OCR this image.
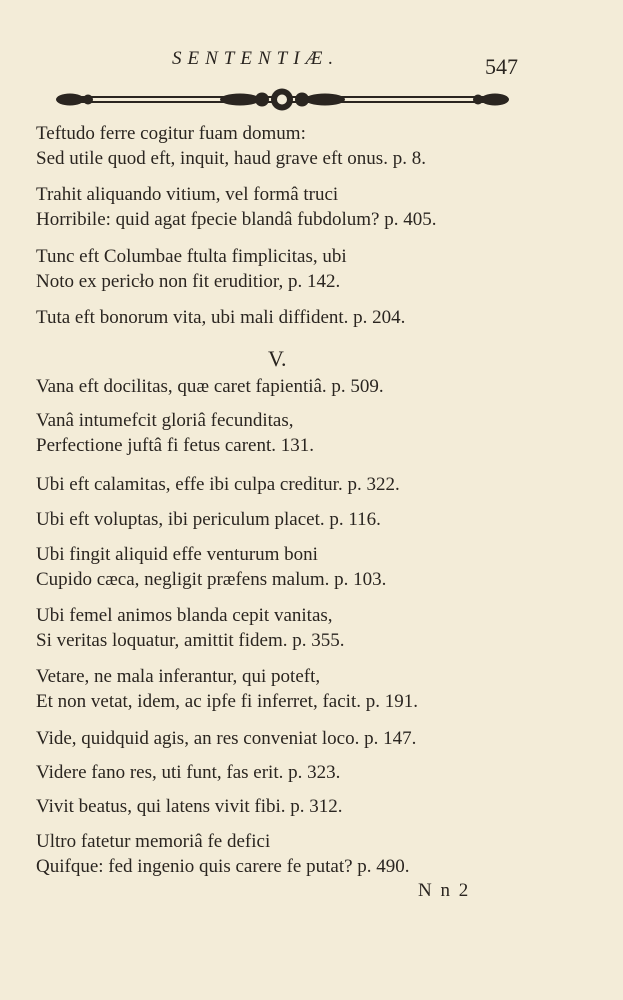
SENTENTIÆ.	547
Teftudo ferre cogitur fuam domum:
Sed utile quod eft, inquit, haud grave eft onus. p. 8.
Trahit aliquando vitium, vel formâ truci
Horribile: quid agat fpecie blandâ fubdolum? p. 405.
Tunc eft Columbae ftulta fimplicitas, ubi
Noto ex pericło non fit eruditior, p. 142.
Tuta eft bonorum vita, ubi mali diffident. p. 204.
V.
Vana eft docilitas, quæ caret fapientiâ. p. 509.
Vanâ intumefcit gloriâ fecunditas,
Perfectione juftâ fi fetus carent. 131.
Ubi eft calamitas, effe ibi culpa creditur. p. 322.
Ubi eft voluptas, ibi periculum placet. p. 116.
Ubi fingit aliquid effe venturum boni
Cupido cæca, negligit præfens malum. p. 103.
Ubi femel animos blanda cepit vanitas,
Si veritas loquatur, amittit fidem. p. 355.
Vetare, ne mala inferantur, qui poteft,
Et non vetat, idem, ac ipfe fi inferret, facit. p. 191.
Vide, quidquid agis, an res conveniat loco. p. 147.
Videre fano res, uti funt, fas erit. p. 323.
Vivit beatus, qui latens vivit fibi. p. 312.
Ultro fatetur memoriâ fe defici
Quifque: fed ingenio quis carere fe putat? p. 490.
N n 2
